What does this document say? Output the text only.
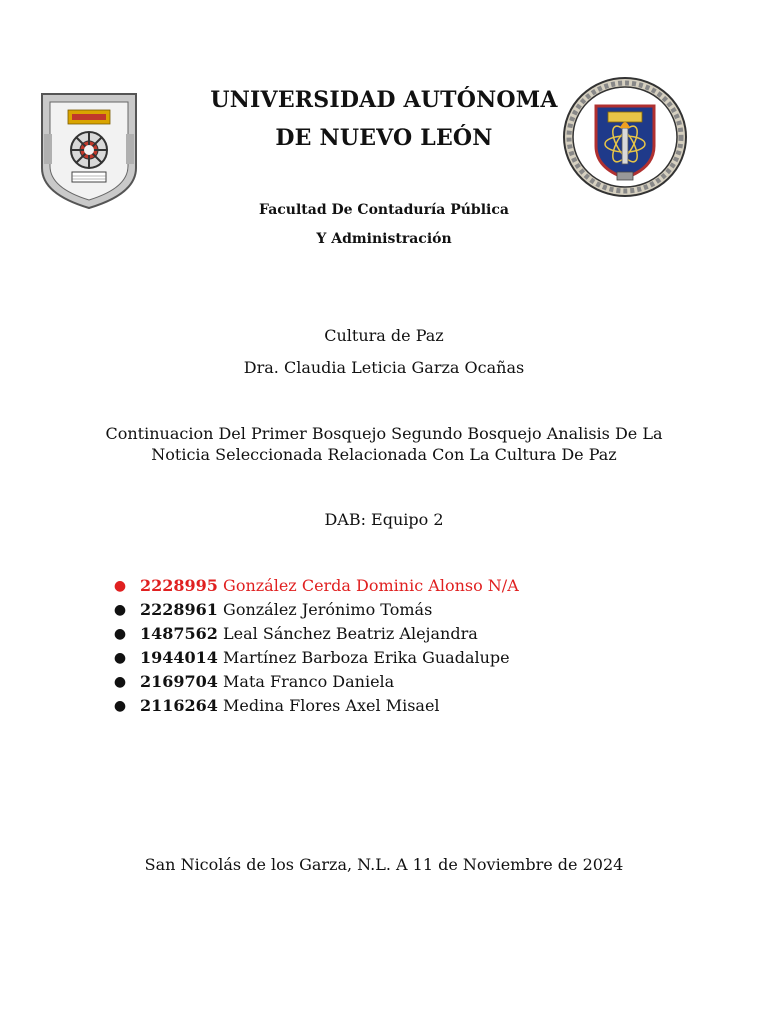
UNIVERSIDAD AUTÓNOMA
DE NUEVO LEÓN
Facultad De Contaduría Pública
Y Administración
Cultura de Paz
Dra. Claudia Leticia Garza Ocañas
Continuacion Del Primer Bosquejo Segundo Bosquejo Analisis De La
Noticia Seleccionada Relacionada Con La Cultura De Paz
DAB: Equipo 2
● 2228995 González Cerda Dominic Alonso N/A
● 2228961 González Jerónimo Tomás
● 1487562 Leal Sánchez Beatriz Alejandra
● 1944014 Martínez Barboza Erika Guadalupe
● 2169704 Mata Franco Daniela
● 2116264 Medina Flores Axel Misael
San Nicolás de los Garza, N.L. A 11 de Noviembre de 2024
